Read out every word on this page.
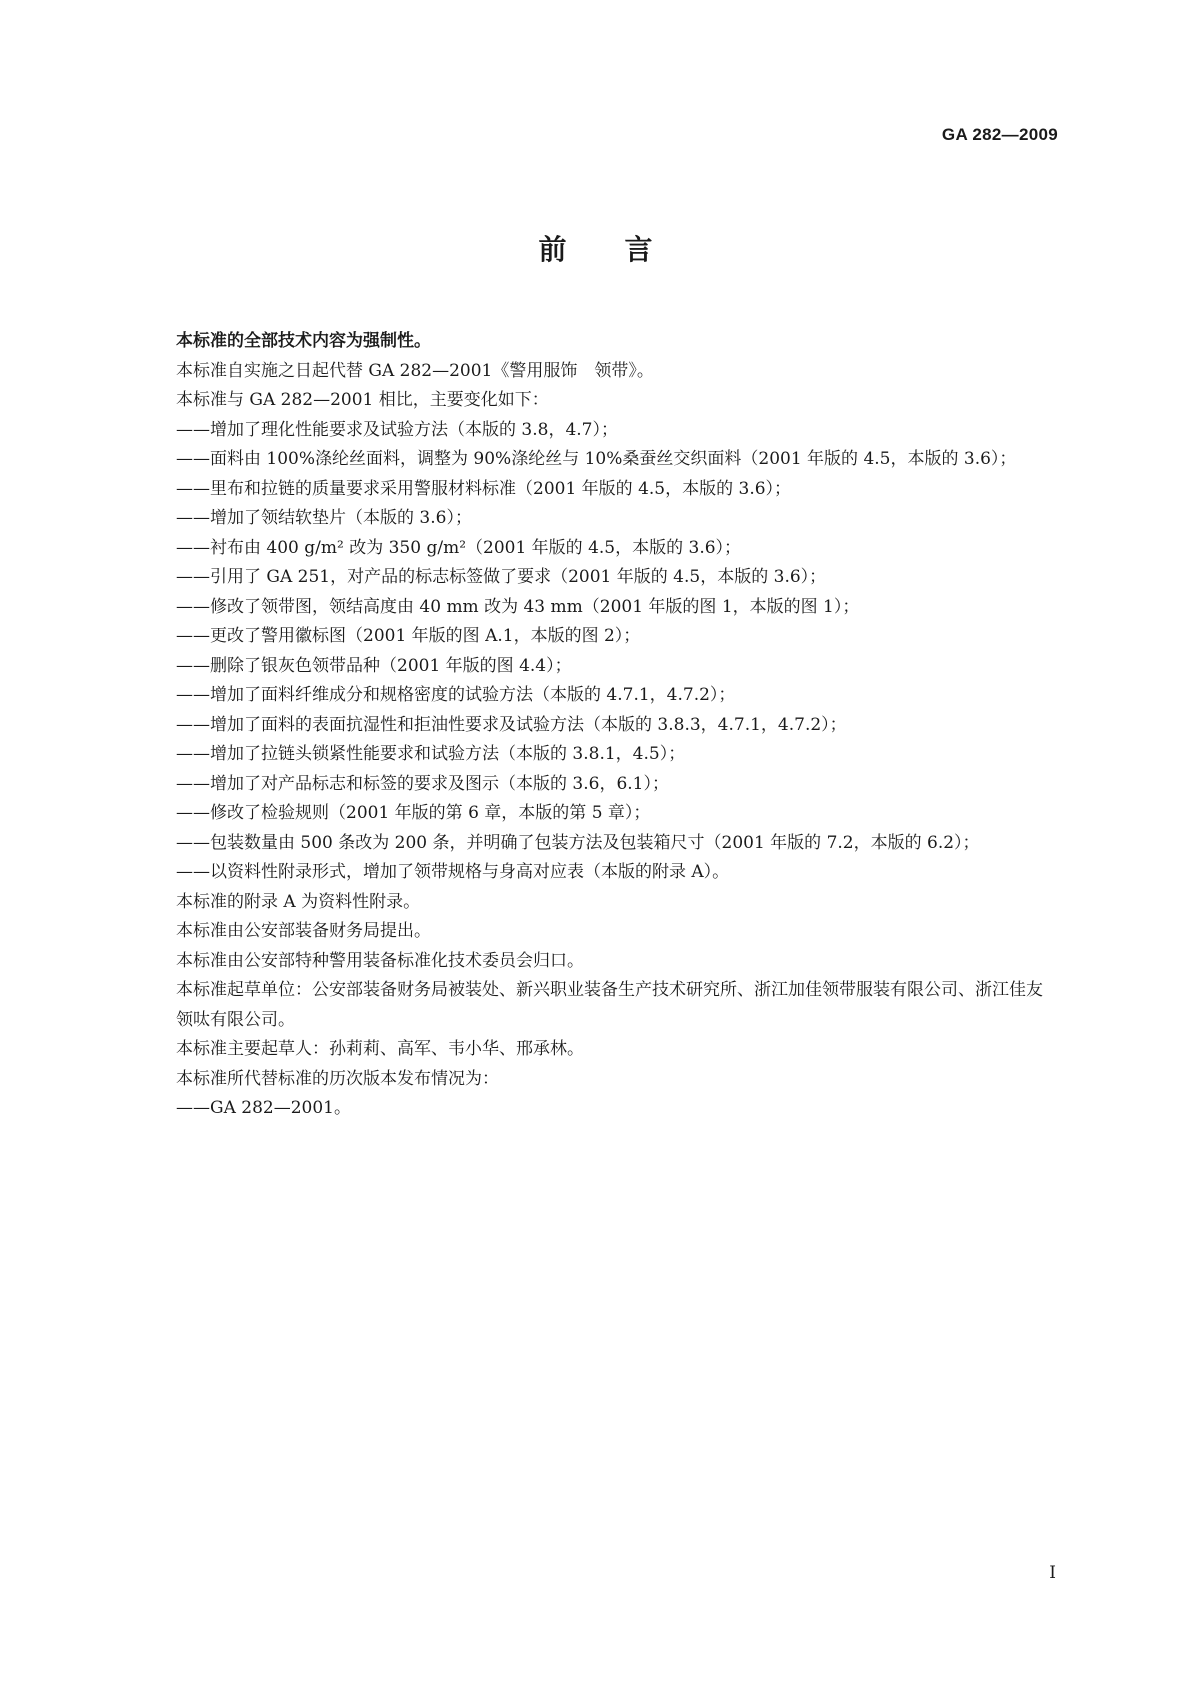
GA 282—2009
前言

本标准的全部技术内容为强制性。

本标准自实施之日起代替 GA 282—2001《警用服饰　领带》。

本标准与 GA 282—2001 相比，主要变化如下：

——增加了理化性能要求及试验方法（本版的 3.8，4.7）；

——面料由 100%涤纶丝面料，调整为 90%涤纶丝与 10%桑蚕丝交织面料（2001 年版的 4.5，本版的 3.6）；

——里布和拉链的质量要求采用警服材料标准（2001 年版的 4.5，本版的 3.6）；

——增加了领结软垫片（本版的 3.6）；

——衬布由 400 g/m² 改为 350 g/m²（2001 年版的 4.5，本版的 3.6）；

——引用了 GA 251，对产品的标志标签做了要求（2001 年版的 4.5，本版的 3.6）；

——修改了领带图，领结高度由 40 mm 改为 43 mm（2001 年版的图 1，本版的图 1）；

——更改了警用徽标图（2001 年版的图 A.1，本版的图 2）；

——删除了银灰色领带品种（2001 年版的图 4.4）；

——增加了面料纤维成分和规格密度的试验方法（本版的 4.7.1，4.7.2）；

——增加了面料的表面抗湿性和拒油性要求及试验方法（本版的 3.8.3，4.7.1，4.7.2）；

——增加了拉链头锁紧性能要求和试验方法（本版的 3.8.1，4.5）；

——增加了对产品标志和标签的要求及图示（本版的 3.6，6.1）；

——修改了检验规则（2001 年版的第 6 章，本版的第 5 章）；

——包装数量由 500 条改为 200 条，并明确了包装方法及包装箱尺寸（2001 年版的 7.2，本版的 6.2）；

——以资料性附录形式，增加了领带规格与身高对应表（本版的附录 A）。

本标准的附录 A 为资料性附录。

本标准由公安部装备财务局提出。

本标准由公安部特种警用装备标准化技术委员会归口。

本标准起草单位：公安部装备财务局被装处、新兴职业装备生产技术研究所、浙江加佳领带服装有限公司、浙江佳友领呔有限公司。

本标准主要起草人：孙莉莉、高军、韦小华、邢承林。

本标准所代替标准的历次版本发布情况为：

——GA 282—2001。

I
